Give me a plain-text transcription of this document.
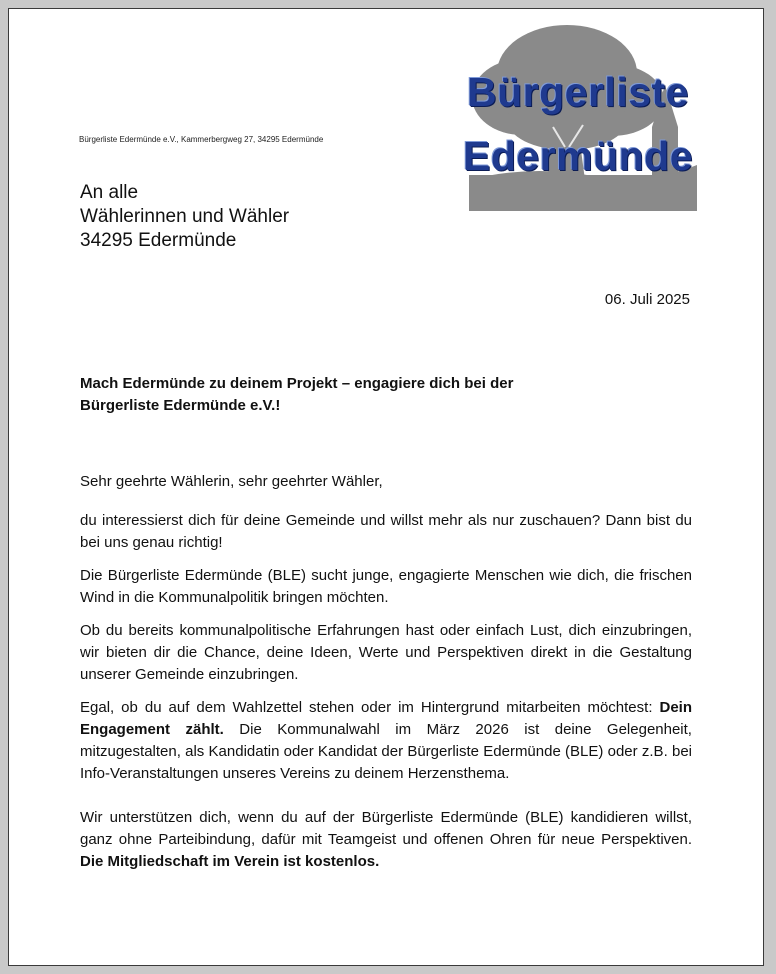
Bürgerliste
Edermünde
Bürgerliste Edermünde e.V., Kammerbergweg 27, 34295 Edermünde
An alle
Wählerinnen und Wähler
34295 Edermünde
06. Juli 2025
Mach Edermünde zu deinem Projekt – engagiere dich bei der
Bürgerliste Edermünde e.V.!

Sehr geehrte Wählerin, sehr geehrter Wähler,

du interessierst dich für deine Gemeinde und willst mehr als nur zuschauen? Dann bist du bei uns genau richtig!

Die Bürgerliste Edermünde (BLE) sucht junge, engagierte Menschen wie dich, die frischen Wind in die Kommunalpolitik bringen möchten.

Ob du bereits kommunalpolitische Erfahrungen hast oder einfach Lust, dich einzubringen, wir bieten dir die Chance, deine Ideen, Werte und Perspektiven direkt in die Gestaltung unserer Gemeinde einzubringen.

Egal, ob du auf dem Wahlzettel stehen oder im Hintergrund mitarbeiten möchtest: Dein Engagement zählt. Die Kommunalwahl im März 2026 ist deine Gelegenheit, mitzugestalten, als Kandidatin oder Kandidat der Bürgerliste Edermünde (BLE) oder z.B. bei Info-Veranstaltungen unseres Vereins zu deinem Herzensthema.

Wir unterstützen dich, wenn du auf der Bürgerliste Edermünde (BLE) kandidieren willst, ganz ohne Parteibindung, dafür mit Teamgeist und offenen Ohren für neue Perspektiven. Die Mitgliedschaft im Verein ist kostenlos.
